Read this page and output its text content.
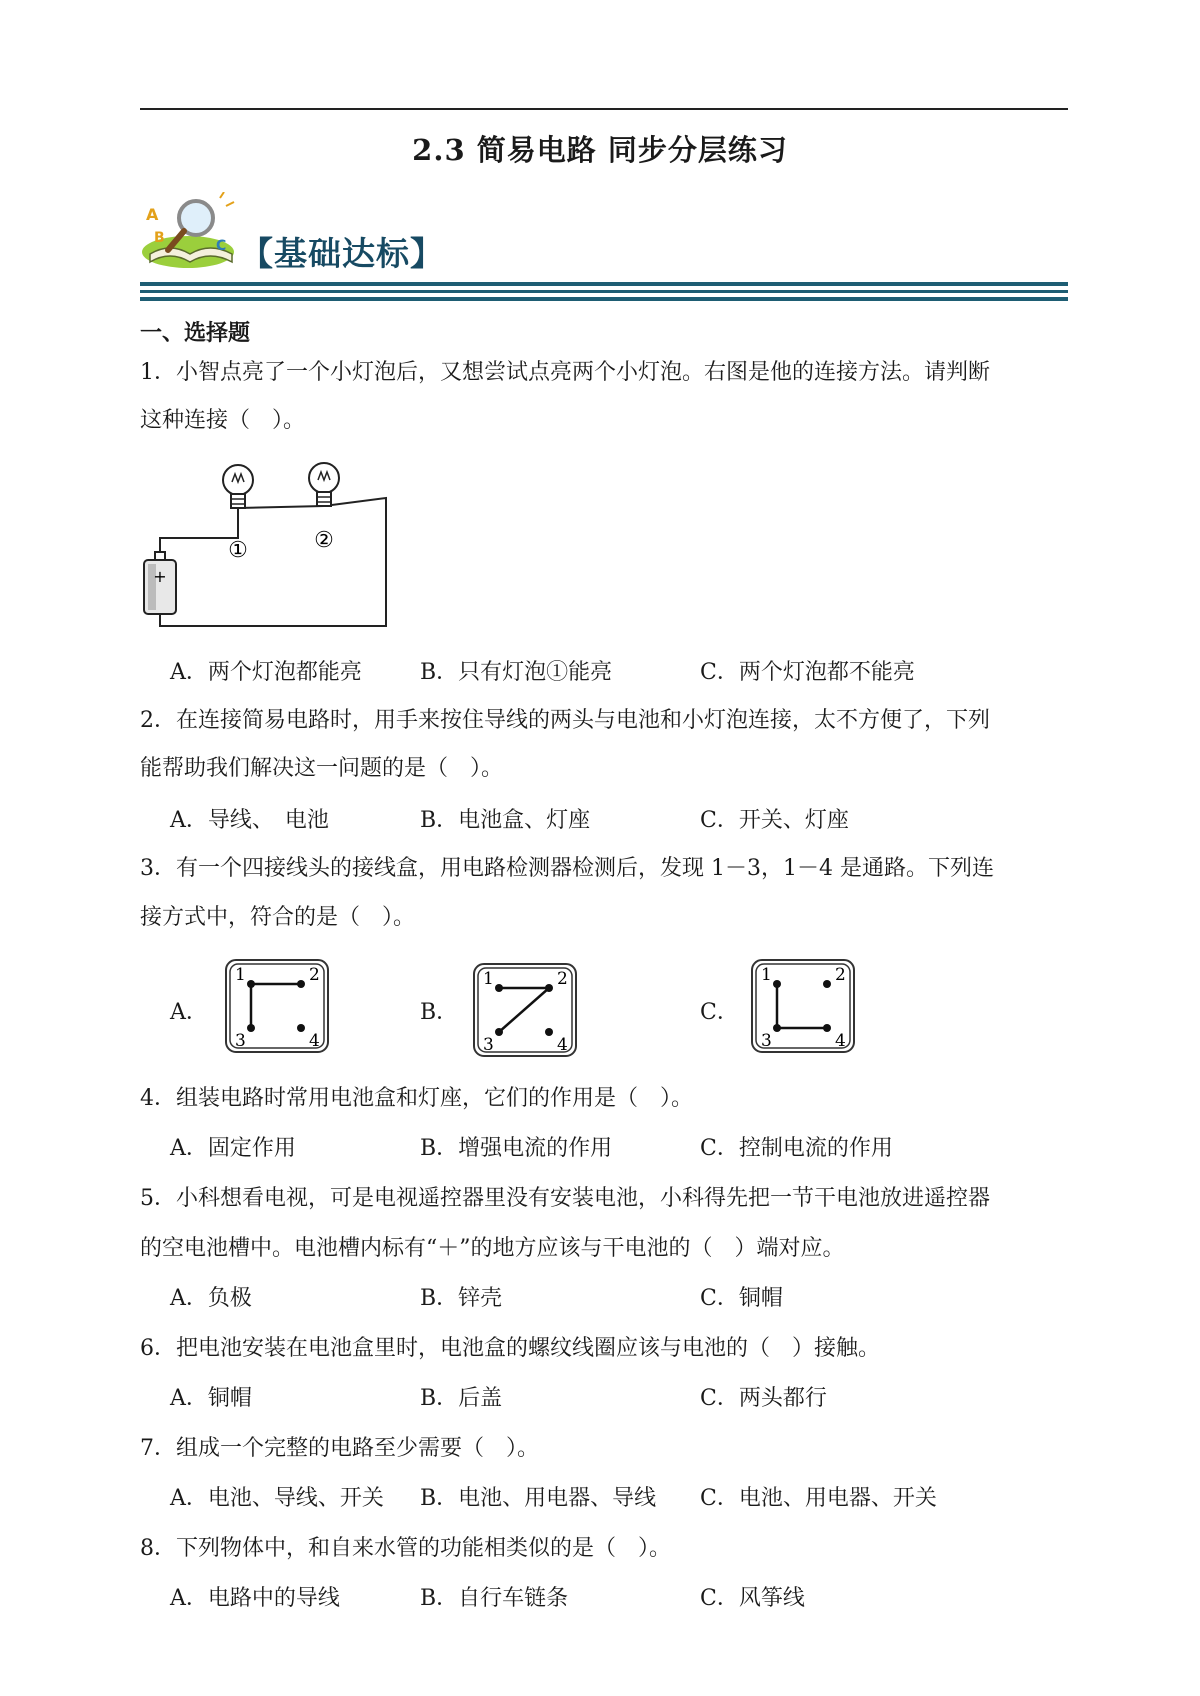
2.3 简易电路 同步分层练习
A
B	C 【基础达标】
一、选择题
1．小智点亮了一个小灯泡后，又想尝试点亮两个小灯泡。右图是他的连接方法。请判断
这种连接（　）。
+
①	②
A．两个灯泡都能亮	B．只有灯泡①能亮	C．两个灯泡都不能亮
2．在连接简易电路时，用手来按住导线的两头与电池和小灯泡连接，太不方便了，下列
能帮助我们解决这一问题的是（　）。
A．导线、　电池	B．电池盒、灯座	C．开关、灯座
3．有一个四接线头的接线盒，用电路检测器检测后，发现 1－3，1－4 是通路。下列连
接方式中，符合的是（　）。
A．	B．	C．
1	2
3	4
1	2
3	4
1	2
3	4
4．组装电路时常用电池盒和灯座，它们的作用是（　）。
A．固定作用	B．增强电流的作用	C．控制电流的作用
5．小科想看电视，可是电视遥控器里没有安装电池，小科得先把一节干电池放进遥控器
的空电池槽中。电池槽内标有“＋”的地方应该与干电池的（　）端对应。
A．负极	B．锌壳	C．铜帽
6．把电池安装在电池盒里时，电池盒的螺纹线圈应该与电池的（　）接触。
A．铜帽	B．后盖	C．两头都行
7．组成一个完整的电路至少需要（　）。
A．电池、导线、开关 B．电池、用电器、导线 C．电池、用电器、开关
8．下列物体中，和自来水管的功能相类似的是（　）。
A．电路中的导线	B．自行车链条	C．风筝线
